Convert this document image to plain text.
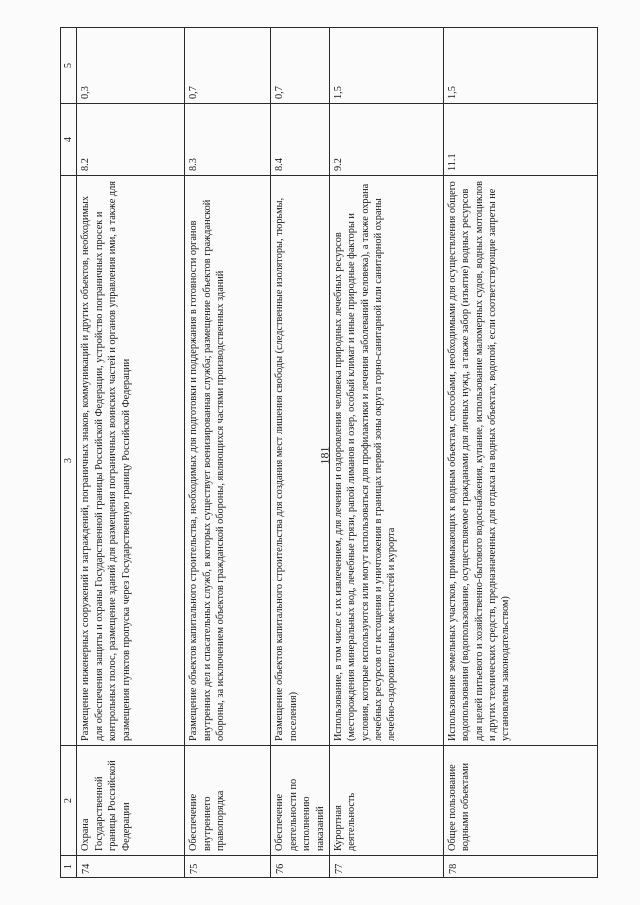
181
1	2	3	4	5
74	Охрана Государственной границы Российской Федерации	Размещение инженерных сооружений и заграждений, пограничных знаков, коммуникаций и других объектов, необходимых для обеспечения защиты и охраны Государственной границы Российской Федерации, устройство пограничных просек и контрольных полос, размещение зданий для размещения пограничных воинских частей и органов управления ими, а также для размещения пунктов пропуска через Государственную границу Российской Федерации	8.2	0,3
75	Обеспечение внутреннего правопорядка	Размещение объектов капитального строительства, необходимых для подготовки и поддержания в готовности органов внутренних дел и спасательных служб, в которых существует военизированная служба; размещение объектов гражданской обороны, за исключением объектов гражданской обороны, являющихся частями производственных зданий	8.3	0,7
76	Обеспечение деятельности по исполнению наказаний	Размещение объектов капитального строительства для создания мест лишения свободы (следственные изоляторы, тюрьмы, поселения)	8.4	0,7
77	Курортная деятельность	Использование, в том числе с их извлечением, для лечения и оздоровления человека природных лечебных ресурсов (месторождения минеральных вод, лечебные грязи, рапой лиманов и озер, особый климат и иные природные факторы и условия, которые используются или могут использоваться для профилактики и лечения заболеваний человека), а также охрана лечебных ресурсов от истощения и уничтожения в границах первой зоны округа горно-санитарной или санитарной охраны лечебно-оздоровительных местностей и курорта	9.2	1,5
78	Общее пользование водными объектами	Использование земельных участков, примыкающих к водным объектам, способами, необходимыми для осуществления общего водопользования (водопользование, осуществляемое гражданами для личных нужд, а также забор (изъятие) водных ресурсов для целей питьевого и хозяйственно-бытового водоснабжения, купание, использование маломерных судов, водных мотоциклов и других технических средств, предназначенных для отдыха на водных объектах, водопой, если соответствующие запреты не установлены законодательством)	11.1	1,5
